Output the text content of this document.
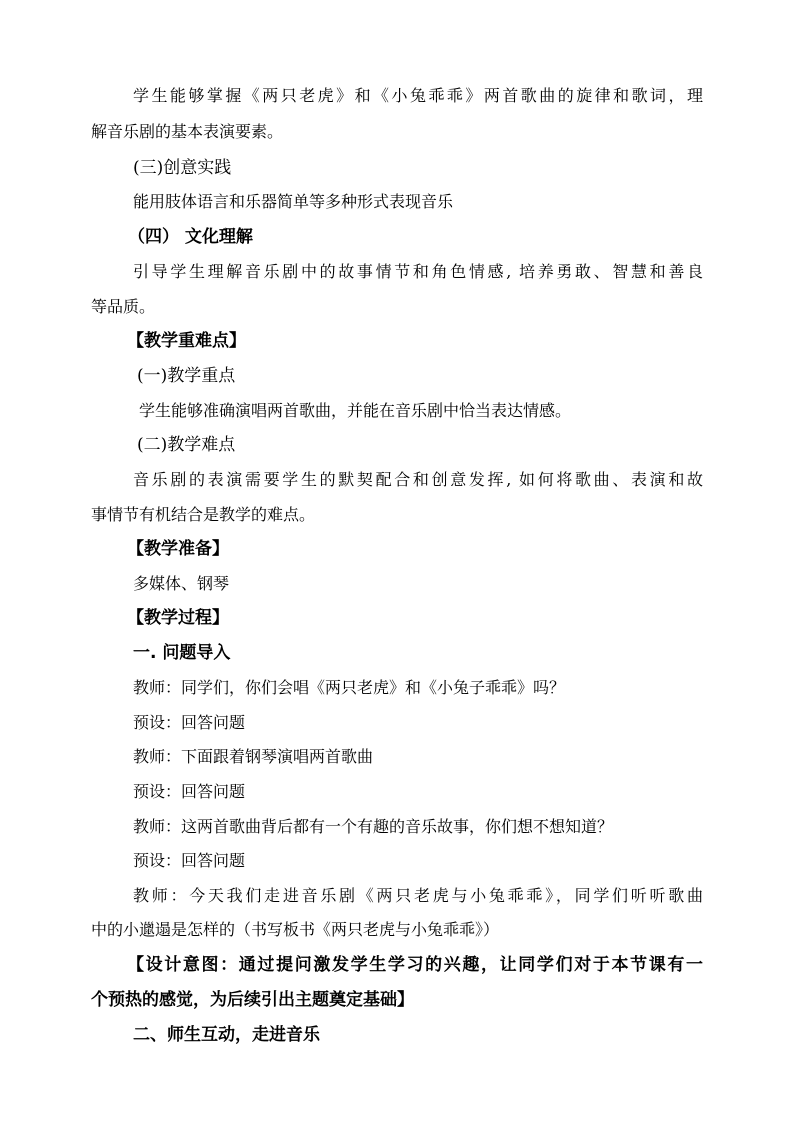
学生能够掌握《两只老虎》和《小兔乖乖》两首歌曲的旋律和歌词，理
解音乐剧的基本表演要素。
(三)创意实践
能用肢体语言和乐器简单等多种形式表现音乐
（四） 文化理解
引导学生理解音乐剧中的故事情节和角色情感, 培养勇敢、智慧和善良
等品质。
【教学重难点】
(一)教学重点
学生能够准确演唱两首歌曲，并能在音乐剧中恰当表达情感。
(二)教学难点
音乐剧的表演需要学生的默契配合和创意发挥, 如何将歌曲、表演和故
事情节有机结合是教学的难点。
【教学准备】
多媒体、钢琴
【教学过程】
一. 问题导入
教师：同学们，你们会唱《两只老虎》和《小兔子乖乖》吗？
预设：回答问题
教师：下面跟着钢琴演唱两首歌曲
预设：回答问题
教师：这两首歌曲背后都有一个有趣的音乐故事，你们想不想知道？
预设：回答问题
教师：今天我们走进音乐剧《两只老虎与小兔乖乖》，同学们听听歌曲
中的小邋遢是怎样的（书写板书《两只老虎与小兔乖乖》）
【设计意图：通过提问激发学生学习的兴趣，让同学们对于本节课有一
个预热的感觉，为后续引出主题奠定基础】
二、师生互动，走进音乐
